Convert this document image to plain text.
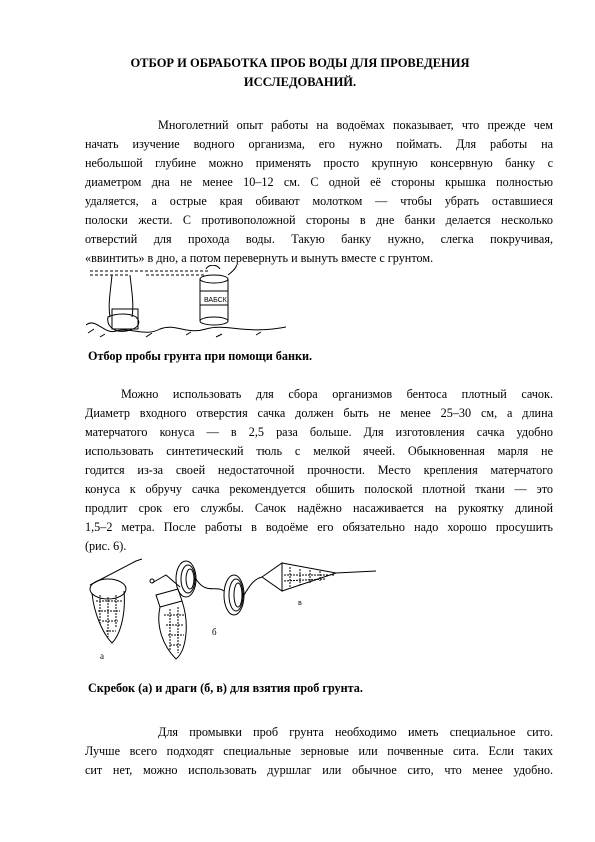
ОТБОР И ОБРАБОТКА ПРОБ ВОДЫ ДЛЯ ПРОВЕДЕНИЯ
ИССЛЕДОВАНИЙ.
Многолетний опыт работы на водоёмах показывает, что прежде чем
начать изучение водного организма, его нужно поймать. Для работы на
небольшой глубине можно применять просто крупную консервную банку с
диаметром дна не менее 10–12 см. С одной её стороны крышка полностью
удаляется, а острые края обивают молотком — чтобы убрать оставшиеся
полоски жести. С противоположной стороны в дне банки делается несколько
отверстий для прохода воды. Такую банку нужно, слегка покручивая,
«ввинтить» в дно, а потом перевернуть и вынуть вместе с грунтом.
ВАБСК
Отбор пробы грунта при помощи банки.
Можно использовать для сбора организмов бентоса плотный сачок.
Диаметр входного отверстия сачка должен быть не менее 25–30 см, а длина
матерчатого конуса — в 2,5 раза больше. Для изготовления сачка удобно
использовать синтетический тюль с мелкой ячеей. Обыкновенная марля не
годится из-за своей недостаточной прочности. Место крепления матерчатого
конуса к обручу сачка рекомендуется обшить полоской плотной ткани — это
продлит срок его службы. Сачок надёжно насаживается на рукоятку длиной
1,5–2 метра. После работы в водоёме его обязательно надо хорошо просушить
(рис. 6).
а
б
в
Скребок (а) и драги (б, в) для взятия проб грунта.
Для промывки проб грунта необходимо иметь специальное сито.
Лучше всего подходят специальные зерновые или почвенные сита. Если таких
сит нет, можно использовать дуршлаг или обычное сито, что менее удобно.
